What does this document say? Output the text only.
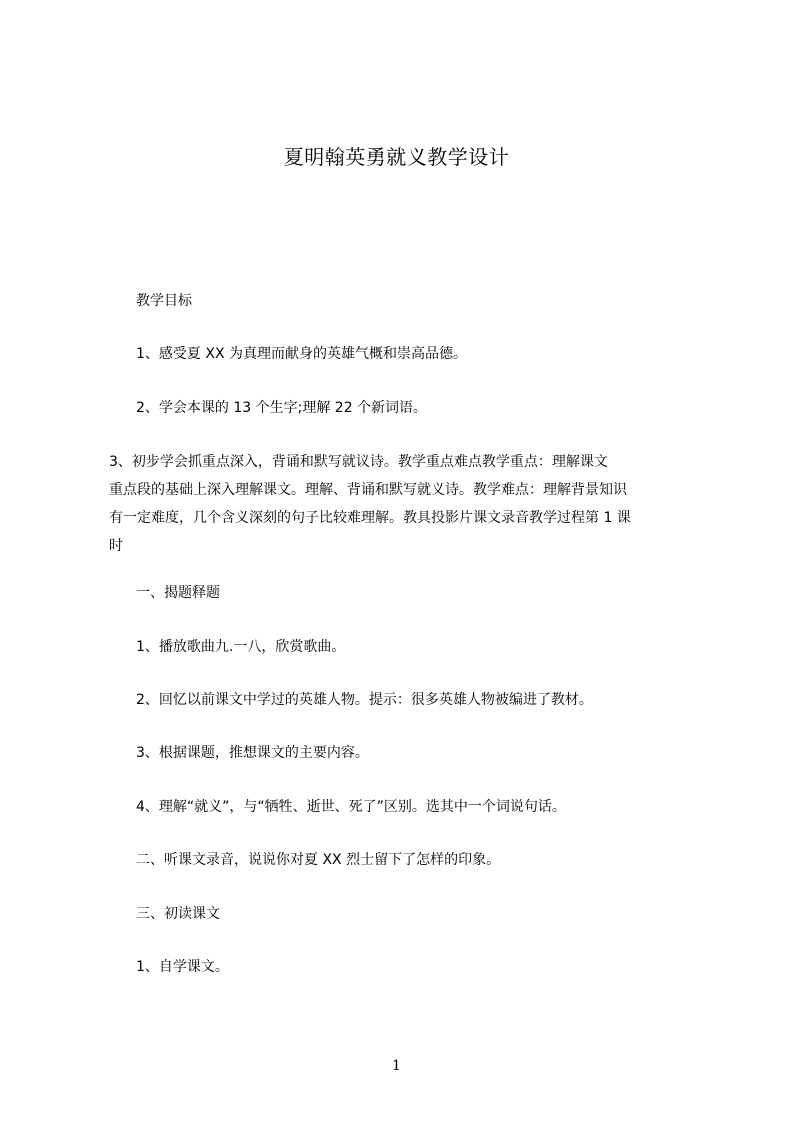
夏明翰英勇就义教学设计
教学目标
1、感受夏 XX 为真理而献身的英雄气概和崇高品德。
2、学会本课的 13 个生字;理解 22 个新词语。
3、初步学会抓重点深入，背诵和默写就议诗。教学重点难点教学重点：理解课文
重点段的基础上深入理解课文。理解、背诵和默写就义诗。教学难点：理解背景知识
有一定难度，几个含义深刻的句子比较难理解。教具投影片课文录音教学过程第 1 课
时
一、揭题释题
1、播放歌曲九.一八，欣赏歌曲。
2、回忆以前课文中学过的英雄人物。提示：很多英雄人物被编进了教材。
3、根据课题，推想课文的主要内容。
4、理解“就义”，与“牺牲、逝世、死了”区别。选其中一个词说句话。
二、听课文录音，说说你对夏 XX 烈士留下了怎样的印象。
三、初读课文
1、自学课文。
1
